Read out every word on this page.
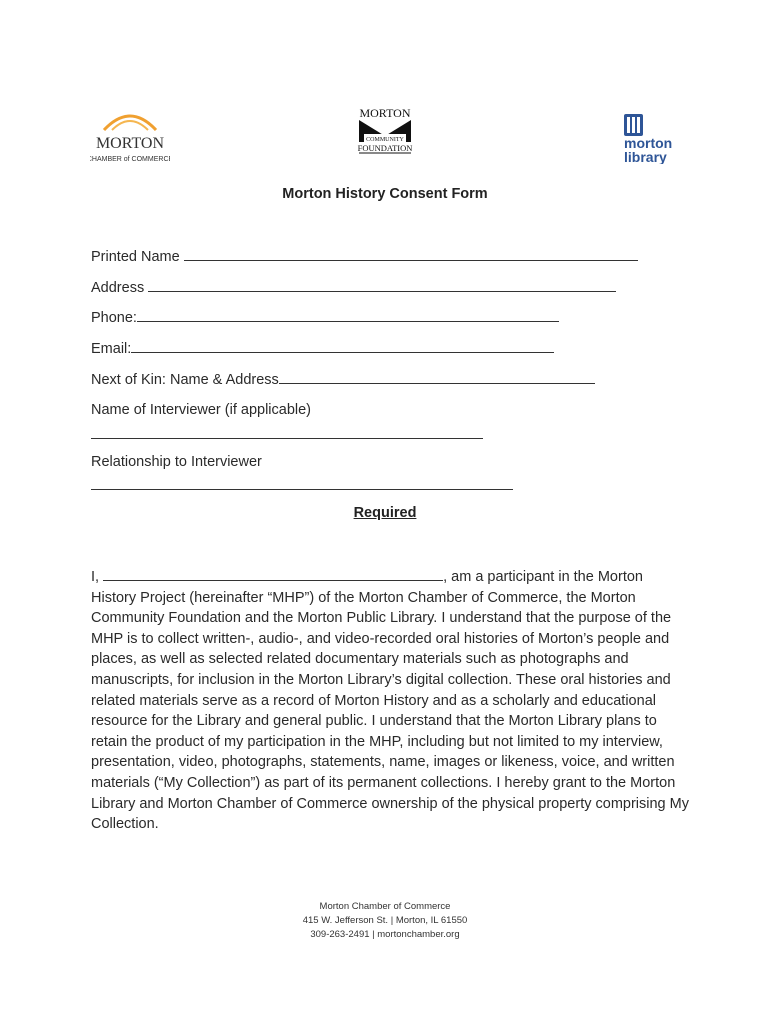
MORTON
CHAMBER of COMMERCE
MORTON
COMMUNITY
FOUNDATION	morton
library
Morton History Consent Form
Printed Name
Address
Phone:
Email:
Next of Kin: Name & Address
Name of Interviewer (if applicable)
Relationship to Interviewer
Required
I,	, am a participant in the Morton History Project (hereinafter “MHP”) of the Morton Chamber of Commerce, the Morton Community Foundation and the Morton Public Library. I understand that the purpose of the MHP is to collect written-, audio-, and video-recorded oral histories of Morton’s people and places, as well as selected related documentary materials such as photographs and manuscripts, for inclusion in the Morton Library’s digital collection. These oral histories and related materials serve as a record of Morton History and as a scholarly and educational resource for the Library and general public. I understand that the Morton Library plans to retain the product of my participation in the MHP, including but not limited to my interview, presentation, video, photographs, statements, name, images or likeness, voice, and written materials (“My Collection”) as part of its permanent collections. I hereby grant to the Morton Library and Morton Chamber of Commerce ownership of the physical property comprising My Collection.
Morton Chamber of Commerce
415 W. Jefferson St. | Morton, IL 61550
309-263-2491 | mortonchamber.org
